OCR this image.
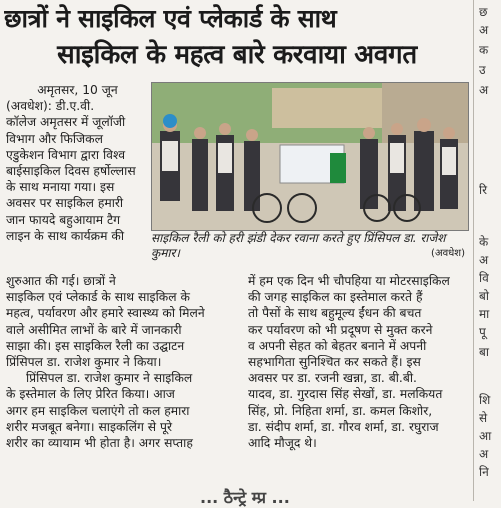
छात्रों ने साइकिल एवं प्लेकार्ड के साथ
साइकिल के महत्व बारे करवाया अवगत

अमृतसर, 10 जून

(अवधेश): डी.ए.वी.

कॉलेज अमृतसर में जूलॉजी

विभाग और फिजिकल

एडुकेशन विभाग द्वारा विश्व

बाईसाइकिल दिवस हर्षोल्लास

के साथ मनाया गया। इस

अवसर पर साइकिल हमारी

जान फायदे बहुआयाम टैग

लाइन के साथ कार्यक्रम की	साइकिल रैली को हरी झंडी देकर रवाना करते हुए प्रिंसिपल डा. राजेश कुमार।	(अवधेश)

शुरुआत की गई। छात्रों ने

साइकिल एवं प्लेकार्ड के साथ साइकिल के

महत्व, पर्यावरण और हमारे स्वास्थ्य को मिलने

वाले असीमित लाभों के बारे में जानकारी

साझा की। इस साइकिल रैली का उद्घाटन

प्रिंसिपल डा. राजेश कुमार ने किया।

प्रिंसिपल डा. राजेश कुमार ने साइकिल

के इस्तेमाल के लिए प्रेरित किया। आज

अगर हम साइकिल चलाएंगे तो कल हमारा

शरीर मजबूत बनेगा। साइकलिंग से पूरे

शरीर का व्यायाम भी होता है। अगर सप्ताह

में हम एक दिन भी चौपहिया या मोटरसाइकिल

की जगह साइकिल का इस्तेमाल करते हैं

तो पैसों के साथ बहुमूल्य ईंधन की बचत

कर पर्यावरण को भी प्रदूषण से मुक्त करने

व अपनी सेहत को बेहतर बनाने में अपनी

सहभागिता सुनिश्चित कर सकते हैं। इस

अवसर पर डा. रजनी खन्ना, डा. बी.बी.

यादव, डा. गुरदास सिंह सेखों, डा. मलकियत

सिंह, प्रो. निहिता शर्मा, डा. कमल किशोर,

डा. संदीप शर्मा, डा. गौरव शर्मा, डा. रघुराज

आदि मौजूद थे।

छ
अ
क
उ
अ
रि
के
अ
वि
बो
मा
पू
बा
शि
से
आ
अ
नि
... ठैन्ट्रे म्प्र ...
